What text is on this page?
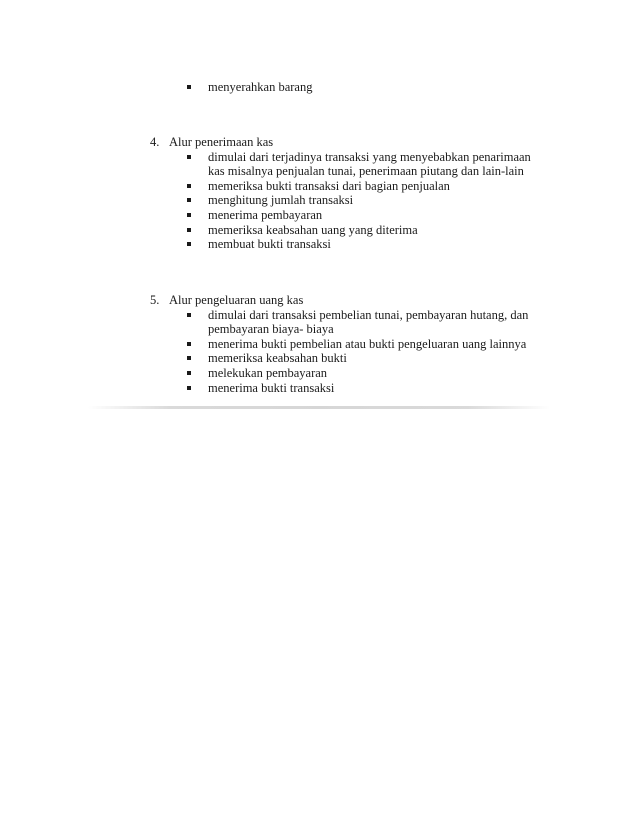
menyerahkan barang
4. Alur penerimaan kas
dimulai dari terjadinya transaksi yang menyebabkan penarimaan kas misalnya penjualan tunai, penerimaan piutang dan lain-lain
memeriksa bukti transaksi dari bagian penjualan
menghitung jumlah transaksi
menerima pembayaran
memeriksa keabsahan uang yang diterima
membuat bukti transaksi
5. Alur pengeluaran uang kas
dimulai dari transaksi pembelian tunai, pembayaran hutang, dan pembayaran biaya- biaya
menerima bukti pembelian atau bukti pengeluaran uang lainnya
memeriksa keabsahan bukti
melekukan pembayaran
menerima bukti transaksi
